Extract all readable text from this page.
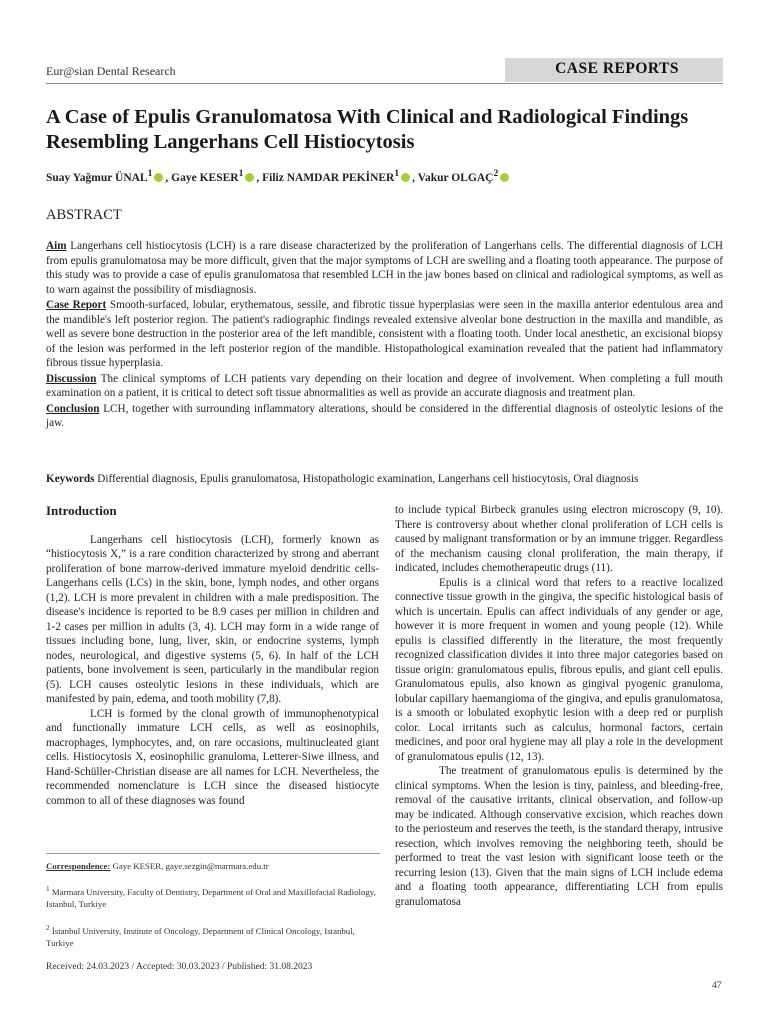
Eur@sian Dental Research	CASE REPORTS
A Case of Epulis Granulomatosa With Clinical and Radiological Findings Resembling Langerhans Cell Histiocytosis
Suay Yağmur ÜNAL$^1$ , Gaye KESER$^1$ , Filiz NAMDAR PEKİNER$^1$ , Vakur OLGAÇ$^2$
ABSTRACT

Aim Langerhans cell histiocytosis (LCH) is a rare disease characterized by the proliferation of Langerhans cells. The differential diagnosis of LCH from epulis granulomatosa may be more difficult, given that the major symptoms of LCH are swelling and a floating tooth appearance. The purpose of this study was to provide a case of epulis granulomatosa that resembled LCH in the jaw bones based on clinical and radiological symptoms, as well as to warn against the possibility of misdiagnosis.

Case Report Smooth-surfaced, lobular, erythematous, sessile, and fibrotic tissue hyperplasias were seen in the maxilla anterior edentulous area and the mandible's left posterior region. The patient's radiographic findings revealed extensive alveolar bone destruction in the maxilla and mandible, as well as severe bone destruction in the posterior area of the left mandible, consistent with a floating tooth. Under local anesthetic, an excisional biopsy of the lesion was performed in the left posterior region of the mandible. Histopathological examination revealed that the patient had inflammatory fibrous tissue hyperplasia.

Discussion The clinical symptoms of LCH patients vary depending on their location and degree of involvement. When completing a full mouth examination on a patient, it is critical to detect soft tissue abnormalities as well as provide an accurate diagnosis and treatment plan.

Conclusion LCH, together with surrounding inflammatory alterations, should be considered in the differential diagnosis of osteolytic lesions of the jaw.

Keywords Differential diagnosis, Epulis granulomatosa, Histopathologic examination, Langerhans cell histiocytosis, Oral diagnosis
Introduction

Langerhans cell histiocytosis (LCH), formerly known as “histiocytosis X,” is a rare condition characterized by strong and aberrant proliferation of bone marrow-derived immature myeloid dendritic cells-Langerhans cells (LCs) in the skin, bone, lymph nodes, and other organs (1,2). LCH is more prevalent in children with a male predisposition. The disease's incidence is reported to be 8.9 cases per million in children and 1-2 cases per million in adults (3, 4). LCH may form in a wide range of tissues including bone, lung, liver, skin, or endocrine systems, lymph nodes, neurological, and digestive systems (5, 6). In half of the LCH patients, bone involvement is seen, particularly in the mandibular region (5). LCH causes osteolytic lesions in these individuals, which are manifested by pain, edema, and tooth mobility (7,8).

LCH is formed by the clonal growth of immunophenotypical and functionally immature LCH cells, as well as eosinophils, macrophages, lymphocytes, and, on rare occasions, multinucleated giant cells. Histiocytosis X, eosinophilic granuloma, Letterer-Siwe illness, and Hand-Schüller-Christian disease are all names for LCH. Nevertheless, the recommended nomenclature is LCH since the diseased histiocyte common to all of these diagnoses was found

to include typical Birbeck granules using electron microscopy (9, 10). There is controversy about whether clonal proliferation of LCH cells is caused by malignant transformation or by an immune trigger. Regardless of the mechanism causing clonal proliferation, the main therapy, if indicated, includes chemotherapeutic drugs (11).

Epulis is a clinical word that refers to a reactive localized connective tissue growth in the gingiva, the specific histological basis of which is uncertain. Epulis can affect individuals of any gender or age, however it is more frequent in women and young people (12). While epulis is classified differently in the literature, the most frequently recognized classification divides it into three major categories based on tissue origin: granulomatous epulis, fibrous epulis, and giant cell epulis. Granulomatous epulis, also known as gingival pyogenic granuloma, lobular capillary haemangioma of the gingiva, and epulis granulomatosa, is a smooth or lobulated exophytic lesion with a deep red or purplish color. Local irritants such as calculus, hormonal factors, certain medicines, and poor oral hygiene may all play a role in the development of granulomatous epulis (12, 13).

The treatment of granulomatous epulis is determined by the clinical symptoms. When the lesion is tiny, painless, and bleeding-free, removal of the causative irritants, clinical observation, and follow-up may be indicated. Although conservative excision, which reaches down to the periosteum and reserves the teeth, is the standard therapy, intrusive resection, which involves removing the neighboring teeth, should be performed to treat the vast lesion with significant loose teeth or the recurring lesion (13). Given that the main signs of LCH include edema and a floating tooth appearance, differentiating LCH from epulis granulomatosa

Correspondence: Gaye KESER, gaye.sezgin@marmara.edu.tr
$^1$ Marmara University, Faculty of Dentistry, Department of Oral and Maxillofacial Radiology, Istanbul, Turkiye
$^2$ İstanbul University, Institute of Oncology, Department of Clinical Oncology, Istanbul, Turkiye
Received: 24.03.2023 / Accepted: 30.03.2023 / Published: 31.08.2023
47
